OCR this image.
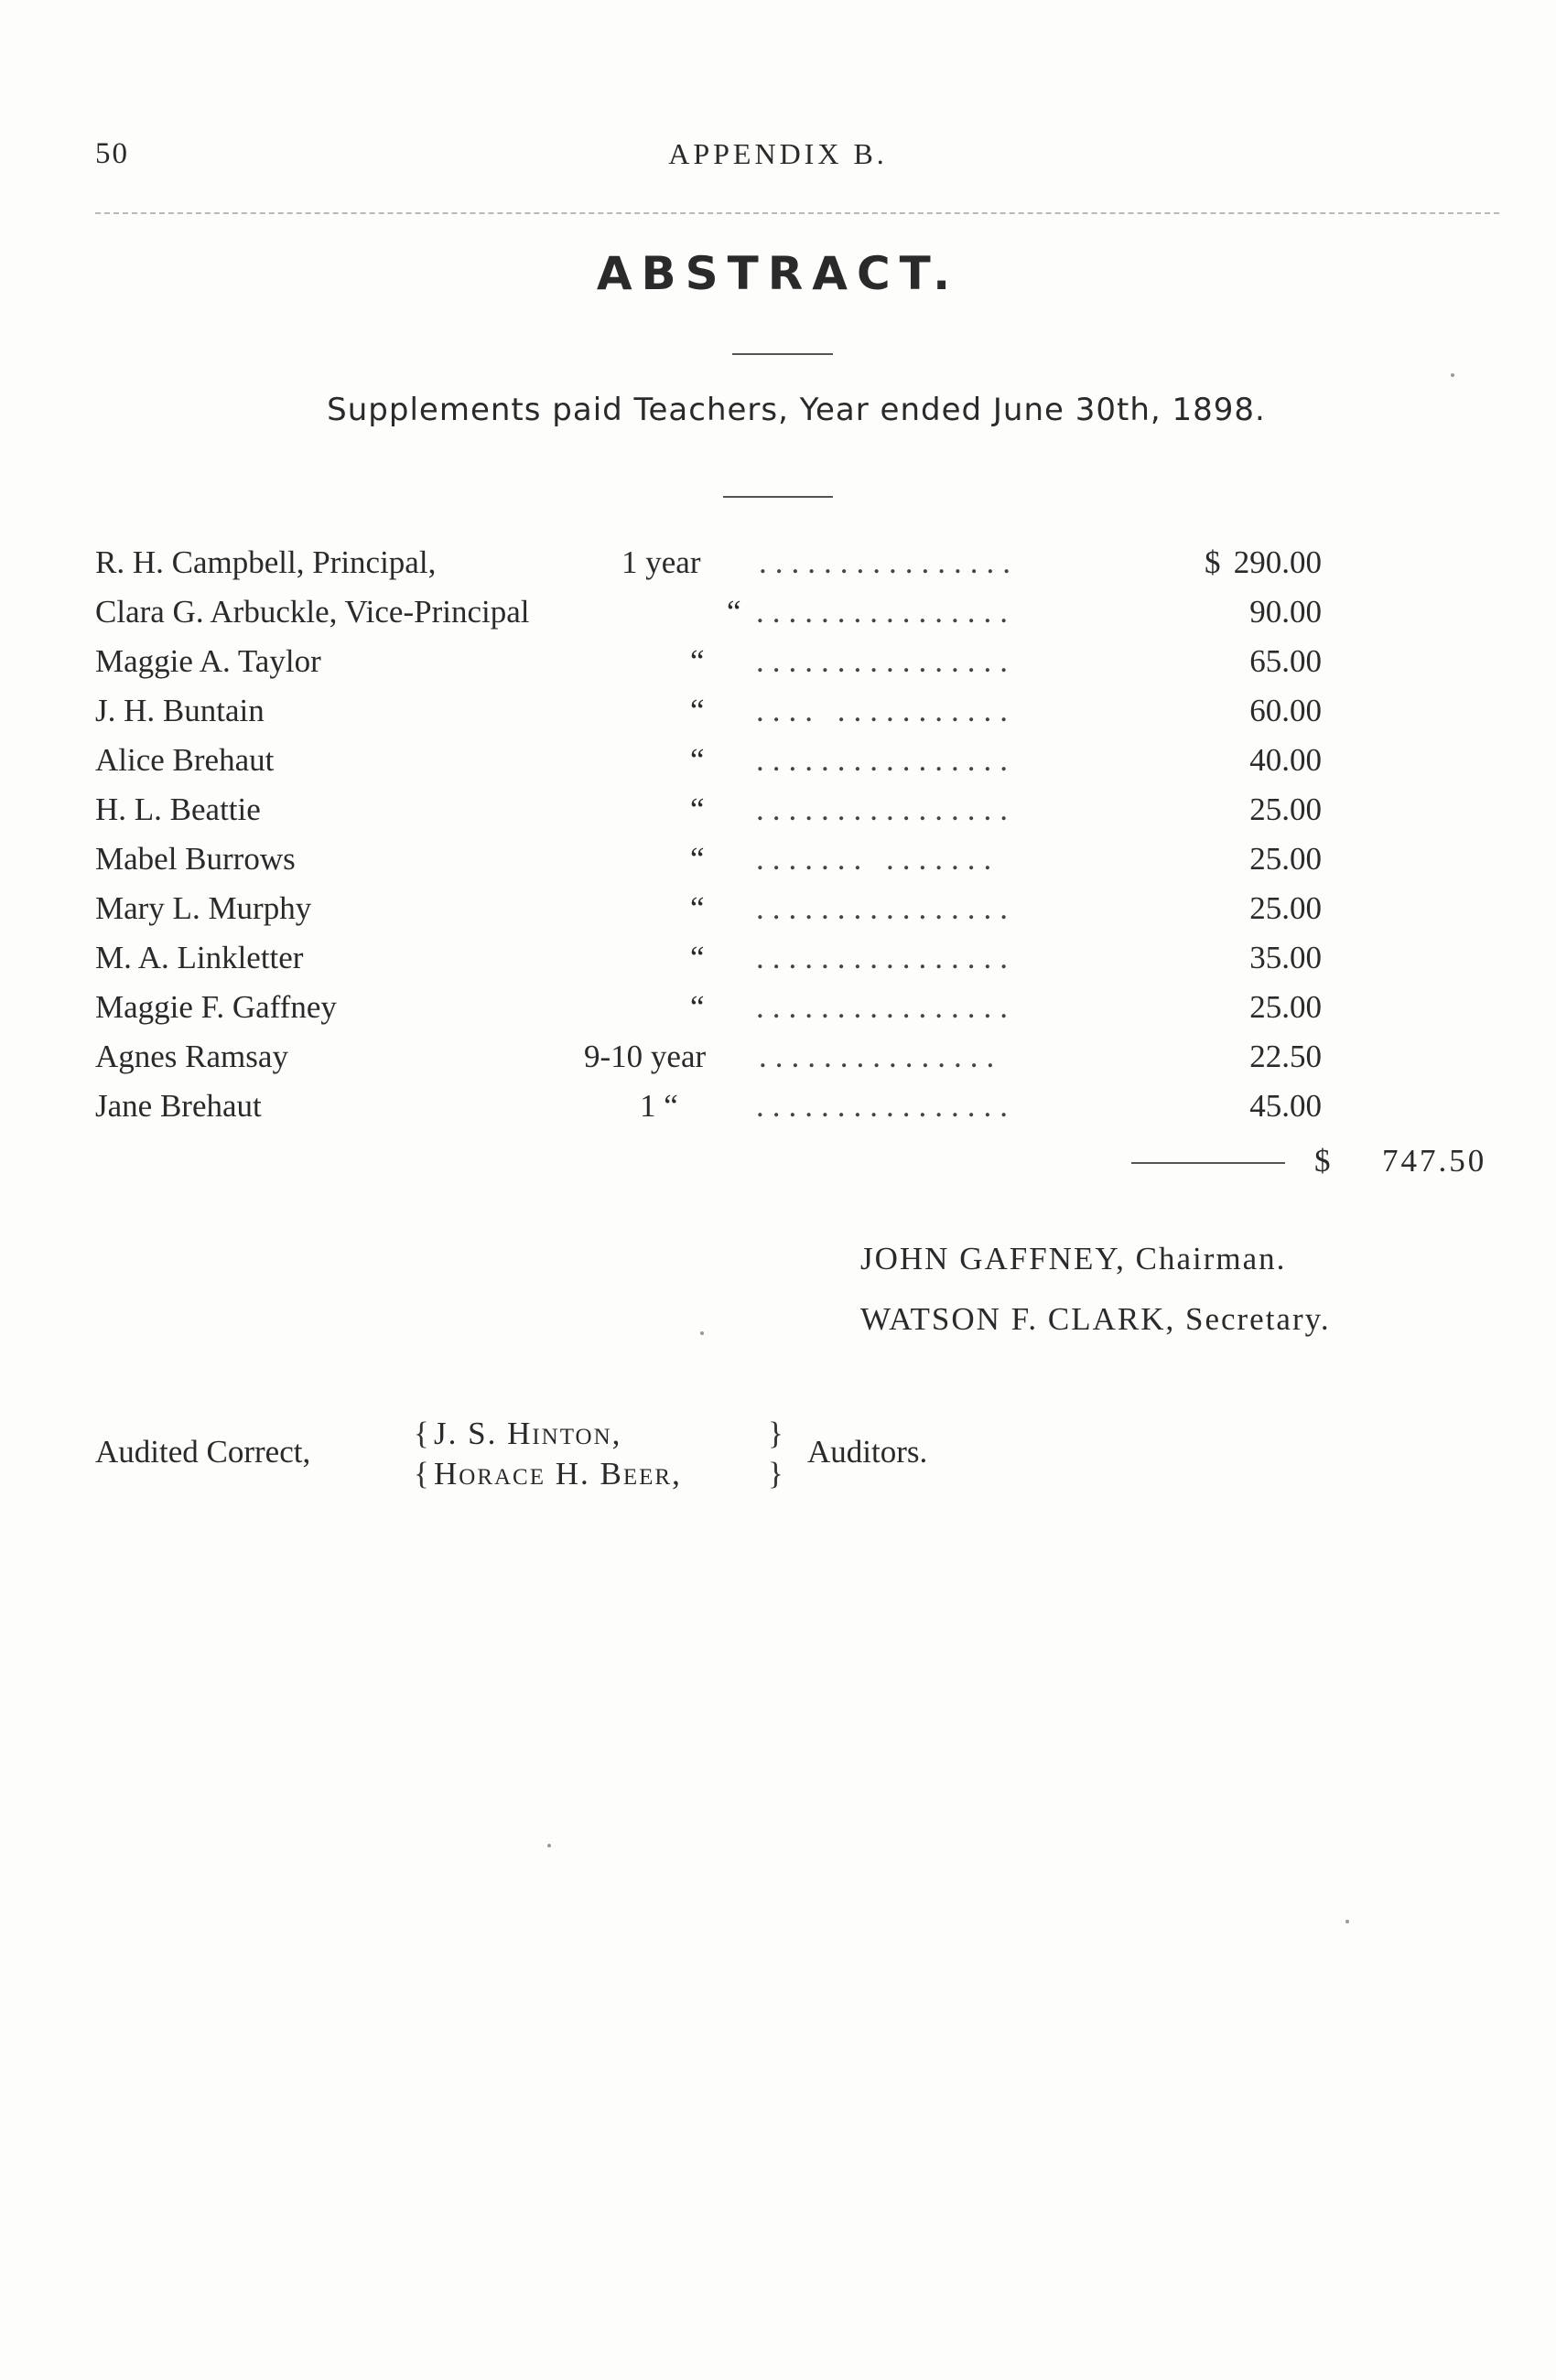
50	APPENDIX B.
ABSTRACT.
Supplements paid Teachers, Year ended June 30th, 1898.
R. H. Campbell, Principal,	1 year ................	$ 290.00
Clara G. Arbuckle, Vice-Principal	“ ................	90.00
Maggie A. Taylor	“ ................	65.00
J. H. Buntain	“ .... ...........	60.00
Alice Brehaut	“ ................	40.00
H. L. Beattie	“ ................	25.00
Mabel Burrows	“ ....... .......	25.00
Mary L. Murphy	“ ................	25.00
M. A. Linkletter	“ ................	35.00
Maggie F. Gaffney	“ ................	25.00
Agnes Ramsay	9-10 year ...............	22.50
Jane Brehaut	1 “ ................	45.00
$ 747.50
JOHN GAFFNEY, Chairman.
WATSON F. CLARK, Secretary.
Audited Correct,
{
{
J. S. Hinton,
Horace H. Beer,
}
}
Auditors.
